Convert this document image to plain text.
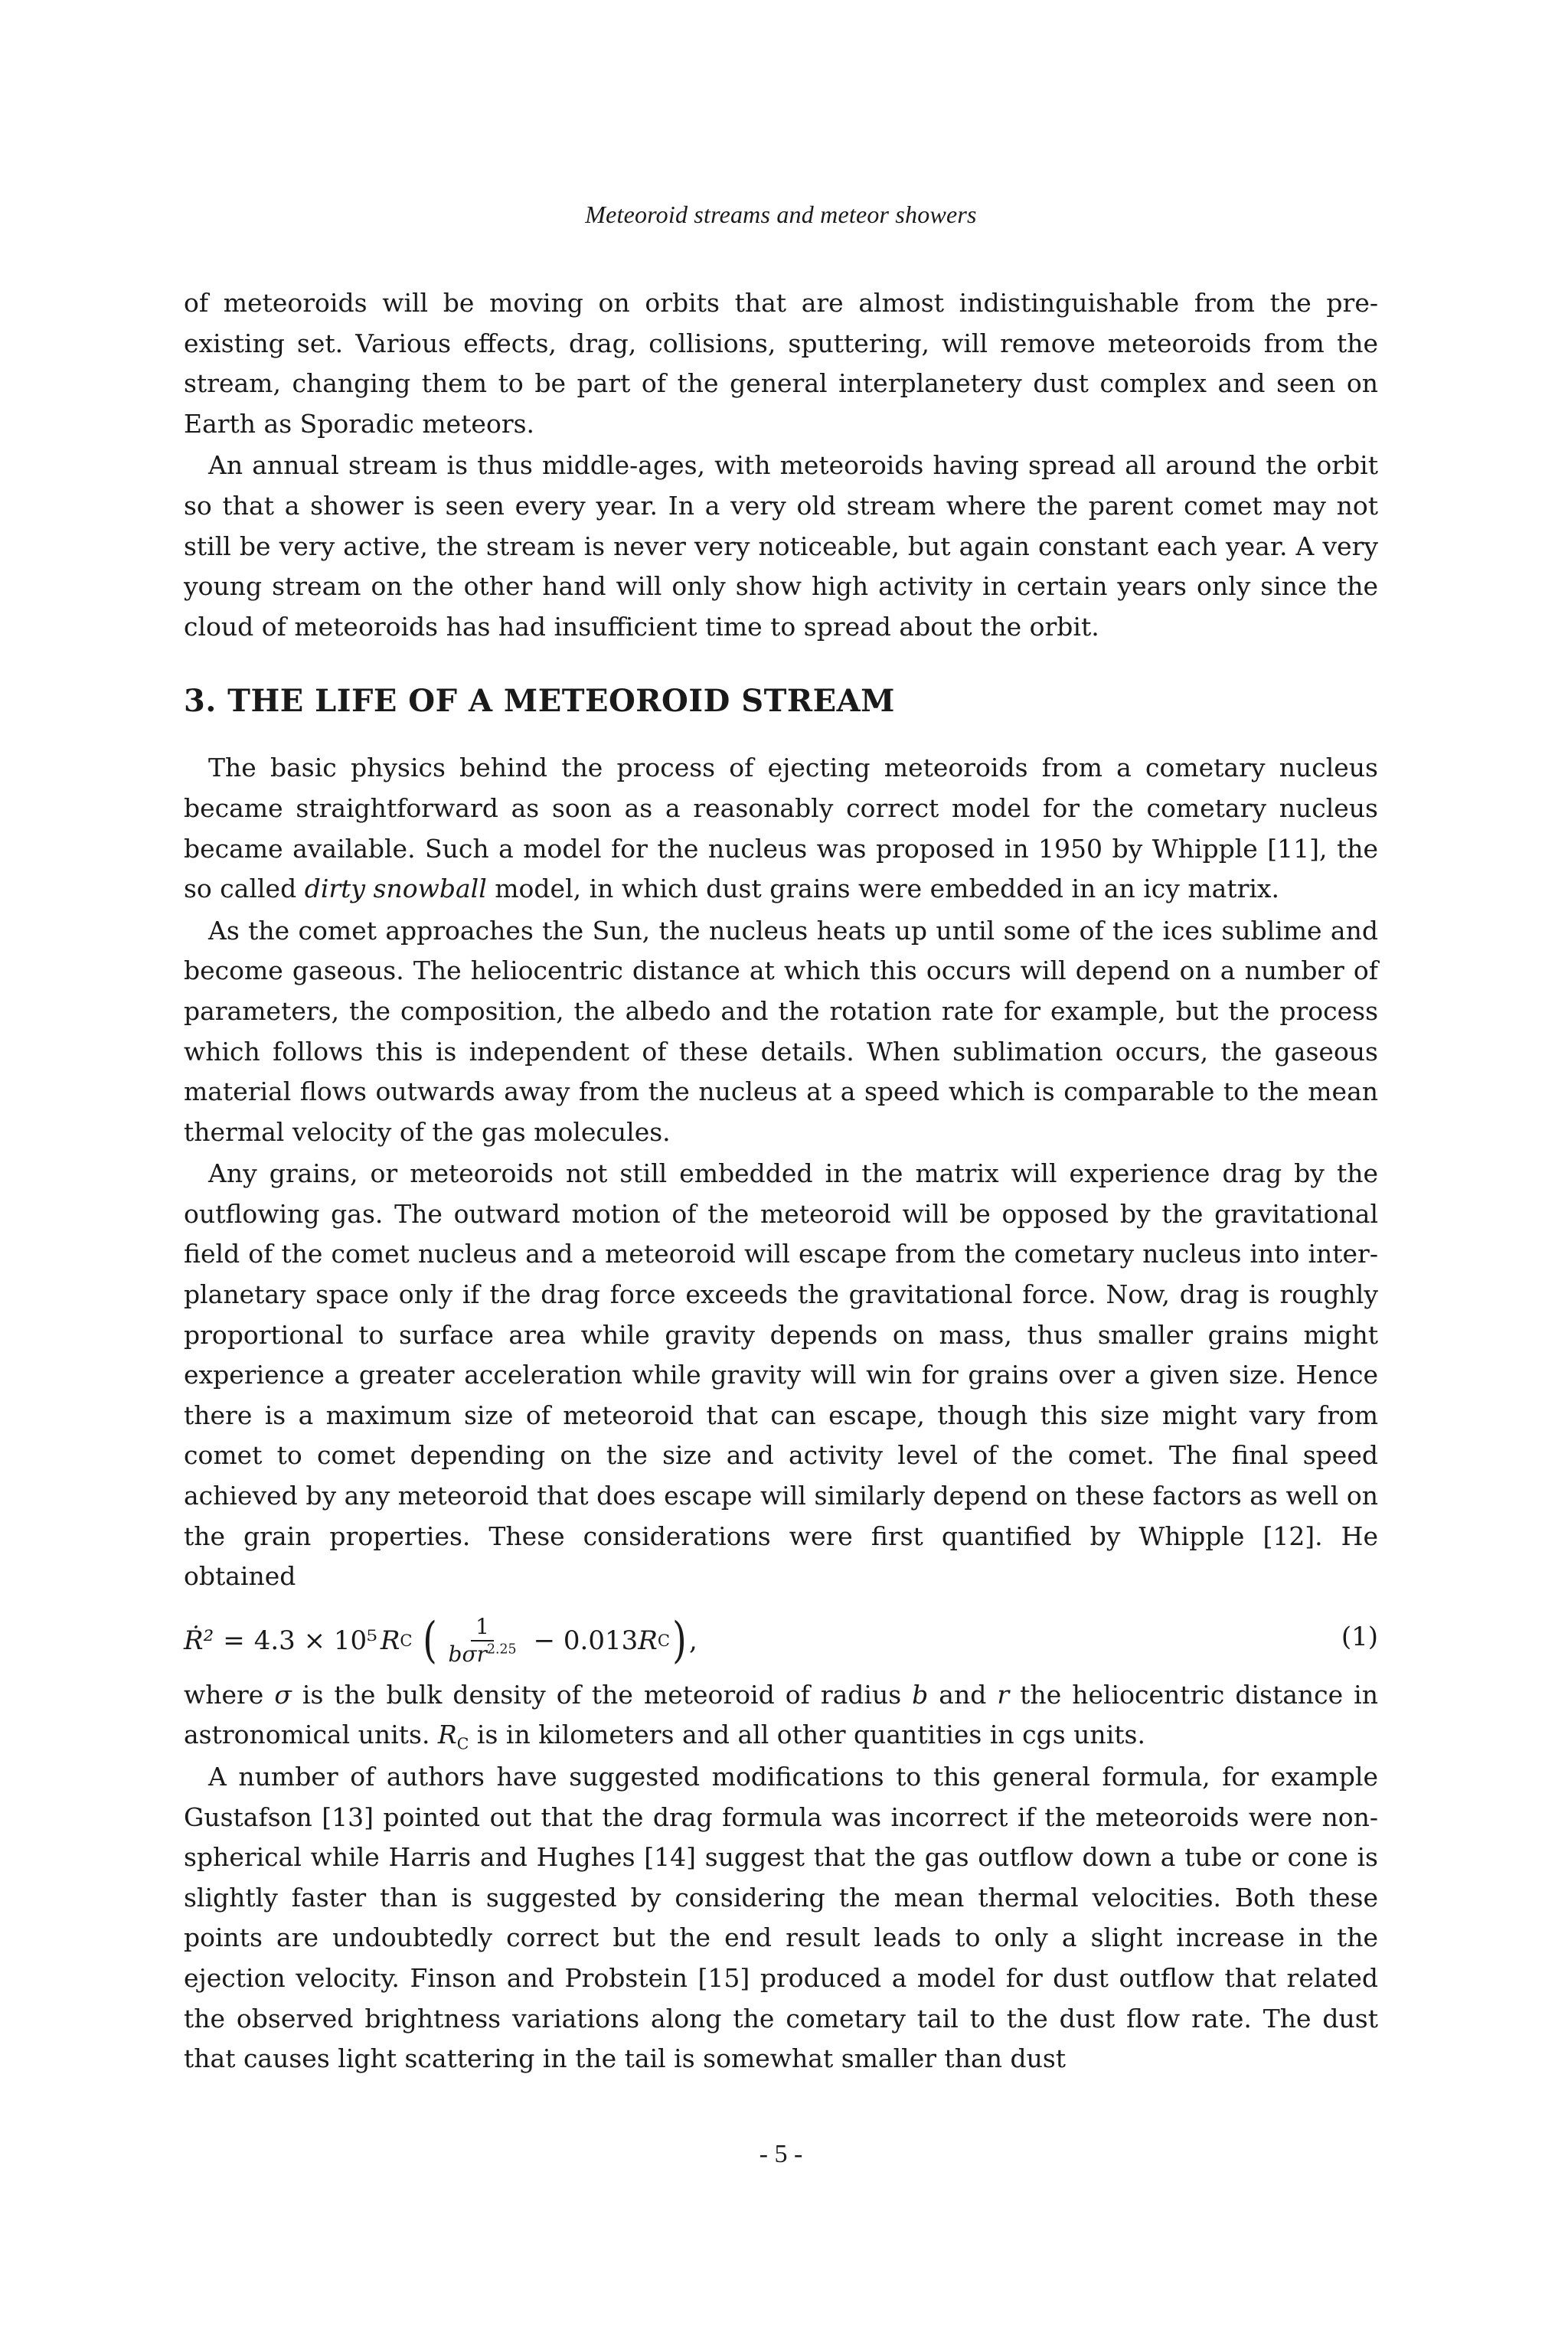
Meteoroid streams and meteor showers

of meteoroids will be moving on orbits that are almost indistinguishable from the pre-existing set. Various effects, drag, collisions, sputtering, will remove meteoroids from the stream, changing them to be part of the general interplanetery dust complex and seen on Earth as Sporadic meteors.

An annual stream is thus middle-ages, with meteoroids having spread all around the orbit so that a shower is seen every year. In a very old stream where the parent comet may not still be very active, the stream is never very noticeable, but again constant each year. A very young stream on the other hand will only show high activity in certain years only since the cloud of meteoroids has had insufficient time to spread about the orbit.

3. THE LIFE OF A METEOROID STREAM

The basic physics behind the process of ejecting meteoroids from a cometary nucleus became straightforward as soon as a reasonably correct model for the cometary nucleus became available. Such a model for the nucleus was proposed in 1950 by Whipple [11], the so called dirty snowball model, in which dust grains were embedded in an icy matrix.

As the comet approaches the Sun, the nucleus heats up until some of the ices sublime and become gaseous. The heliocentric distance at which this occurs will depend on a number of parameters, the composition, the albedo and the rotation rate for example, but the process which follows this is independent of these details. When sublimation occurs, the gaseous material flows outwards away from the nucleus at a speed which is comparable to the mean thermal velocity of the gas molecules.

Any grains, or meteoroids not still embedded in the matrix will experience drag by the outflowing gas. The outward motion of the meteoroid will be opposed by the gravitational field of the comet nucleus and a meteoroid will escape from the cometary nucleus into inter-planetary space only if the drag force exceeds the gravitational force. Now, drag is roughly proportional to surface area while gravity depends on mass, thus smaller grains might experience a greater acceleration while gravity will win for grains over a given size. Hence there is a maximum size of meteoroid that can escape, though this size might vary from comet to comet depending on the size and activity level of the comet. The final speed achieved by any meteoroid that does escape will similarly depend on these factors as well on the grain properties. These considerations were first quantified by Whipple [12]. He obtained

Ṙ² = 4.3 × 10⁵ R C ( $\frac{1}{b\sigma r^{2.25}} - 0.013$ R C ) ,	(1)

where σ is the bulk density of the meteoroid of radius b and r the heliocentric distance in astronomical units. $R_C$ is in kilometers and all other quantities in cgs units.

A number of authors have suggested modifications to this general formula, for example Gustafson [13] pointed out that the drag formula was incorrect if the meteoroids were non-spherical while Harris and Hughes [14] suggest that the gas outflow down a tube or cone is slightly faster than is suggested by considering the mean thermal velocities. Both these points are undoubtedly correct but the end result leads to only a slight increase in the ejection velocity. Finson and Probstein [15] produced a model for dust outflow that related the observed brightness variations along the cometary tail to the dust flow rate. The dust that causes light scattering in the tail is somewhat smaller than dust

- 5 -
